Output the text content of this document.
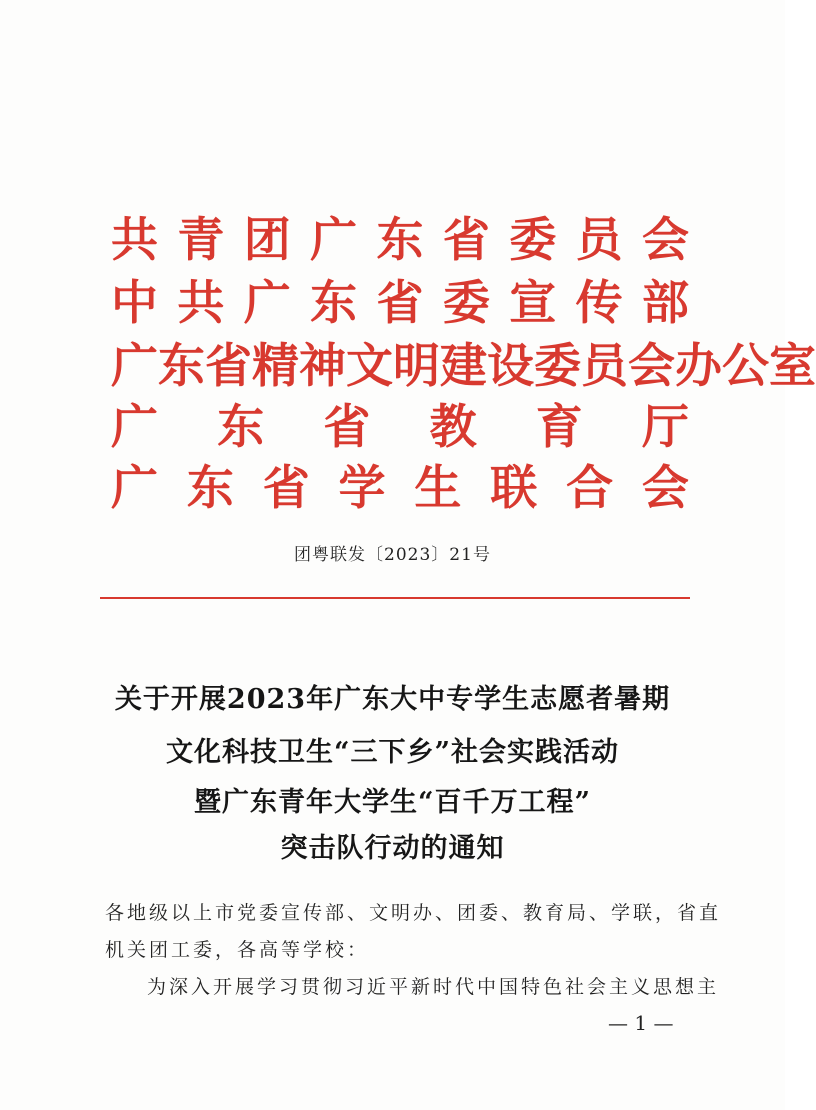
共 青 团 广 东 省 委 员 会
中 共 广 东 省 委 宣 传 部
广 东 省 精 神 文 明 建 设 委 员 会 办 公 室
广 东 省 教 育 厅
广 东 省 学 生 联 合 会
团粤联发〔2023〕21号
关于开展2023年广东大中专学生志愿者暑期
文化科技卫生“三下乡”社会实践活动
暨广东青年大学生“百千万工程”
突击队行动的通知
各地级以上市党委宣传部、文明办、团委、教育局、学联，省直
机关团工委，各高等学校：
为深入开展学习贯彻习近平新时代中国特色社会主义思想主
— 1 —
